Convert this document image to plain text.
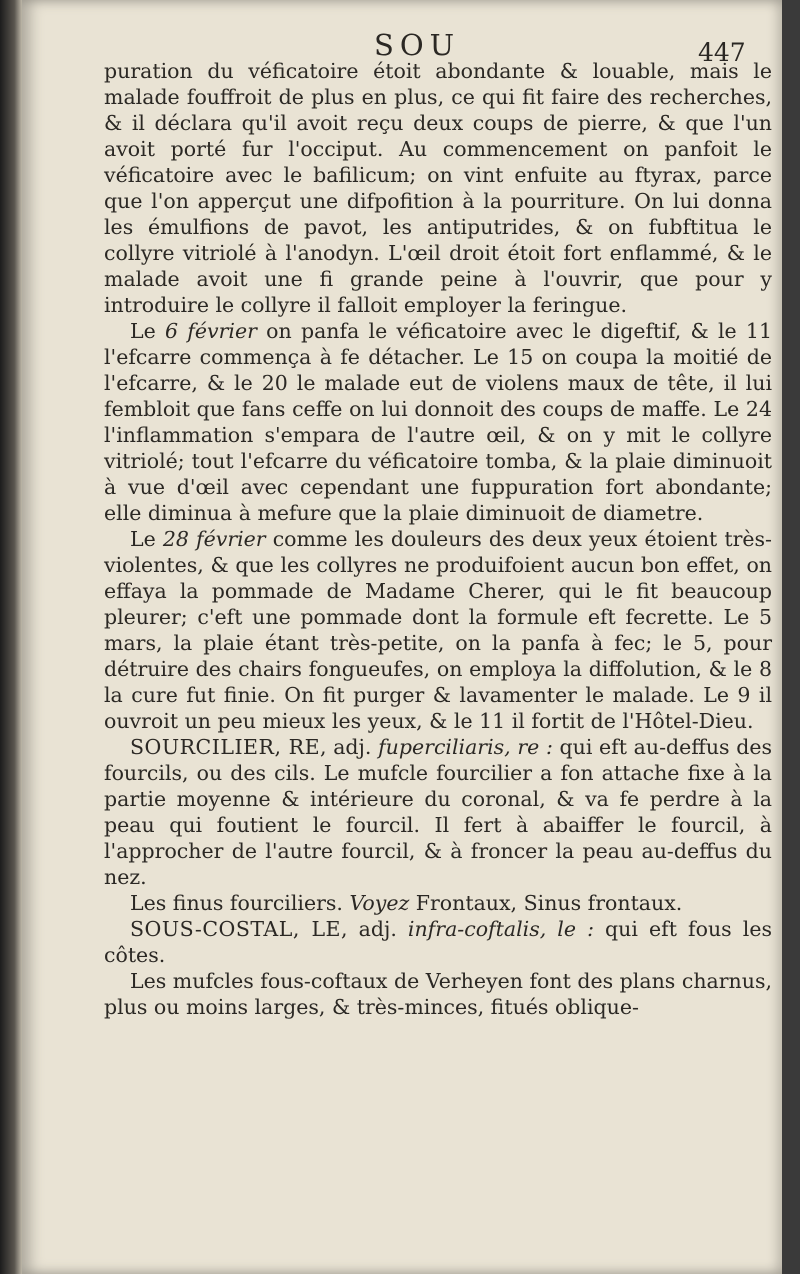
SOU	447

puration du véficatoire étoit abondante & louable, mais le malade fouffroit de plus en plus, ce qui fit faire des recherches, & il déclara qu'il avoit reçu deux coups de pierre, & que l'un avoit porté fur l'occiput. Au commencement on panfoit le véficatoire avec le bafilicum; on vint enfuite au ftyrax, parce que l'on apperçut une difpofition à la pourriture. On lui donna les émulfions de pavot, les antiputrides, & on fubftitua le collyre vitriolé à l'anodyn. L'œil droit étoit fort enflammé, & le malade avoit une fi grande peine à l'ouvrir, que pour y introduire le collyre il falloit employer la feringue.

Le 6 février on panfa le véficatoire avec le digeftif, & le 11 l'efcarre commença à fe détacher. Le 15 on coupa la moitié de l'efcarre, & le 20 le malade eut de violens maux de tête, il lui fembloit que fans ceffe on lui donnoit des coups de maffe. Le 24 l'inflammation s'empara de l'autre œil, & on y mit le collyre vitriolé; tout l'efcarre du véficatoire tomba, & la plaie diminuoit à vue d'œil avec cependant une fuppuration fort abondante; elle diminua à mefure que la plaie diminuoit de diametre.

Le 28 février comme les douleurs des deux yeux étoient très-violentes, & que les collyres ne produifoient aucun bon effet, on effaya la pommade de Madame Cherer, qui le fit beaucoup pleurer; c'eft une pommade dont la formule eft fecrette. Le 5 mars, la plaie étant très-petite, on la panfa à fec; le 5, pour détruire des chairs fongueufes, on employa la diffolution, & le 8 la cure fut finie. On fit purger & lavamenter le malade. Le 9 il ouvroit un peu mieux les yeux, & le 11 il fortit de l'Hôtel-Dieu.

SOURCILIER, RE, adj. fuperciliaris, re : qui eft au-deffus des fourcils, ou des cils. Le mufcle fourcilier a fon attache fixe à la partie moyenne & intérieure du coronal, & va fe perdre à la peau qui foutient le fourcil. Il fert à abaiffer le fourcil, à l'approcher de l'autre fourcil, & à froncer la peau au-deffus du nez.

Les finus fourciliers. Voyez Frontaux, Sinus frontaux.

SOUS-COSTAL, LE, adj. infra-coftalis, le : qui eft fous les côtes.

Les mufcles fous-coftaux de Verheyen font des plans charnus, plus ou moins larges, & très-minces, fitués oblique-
